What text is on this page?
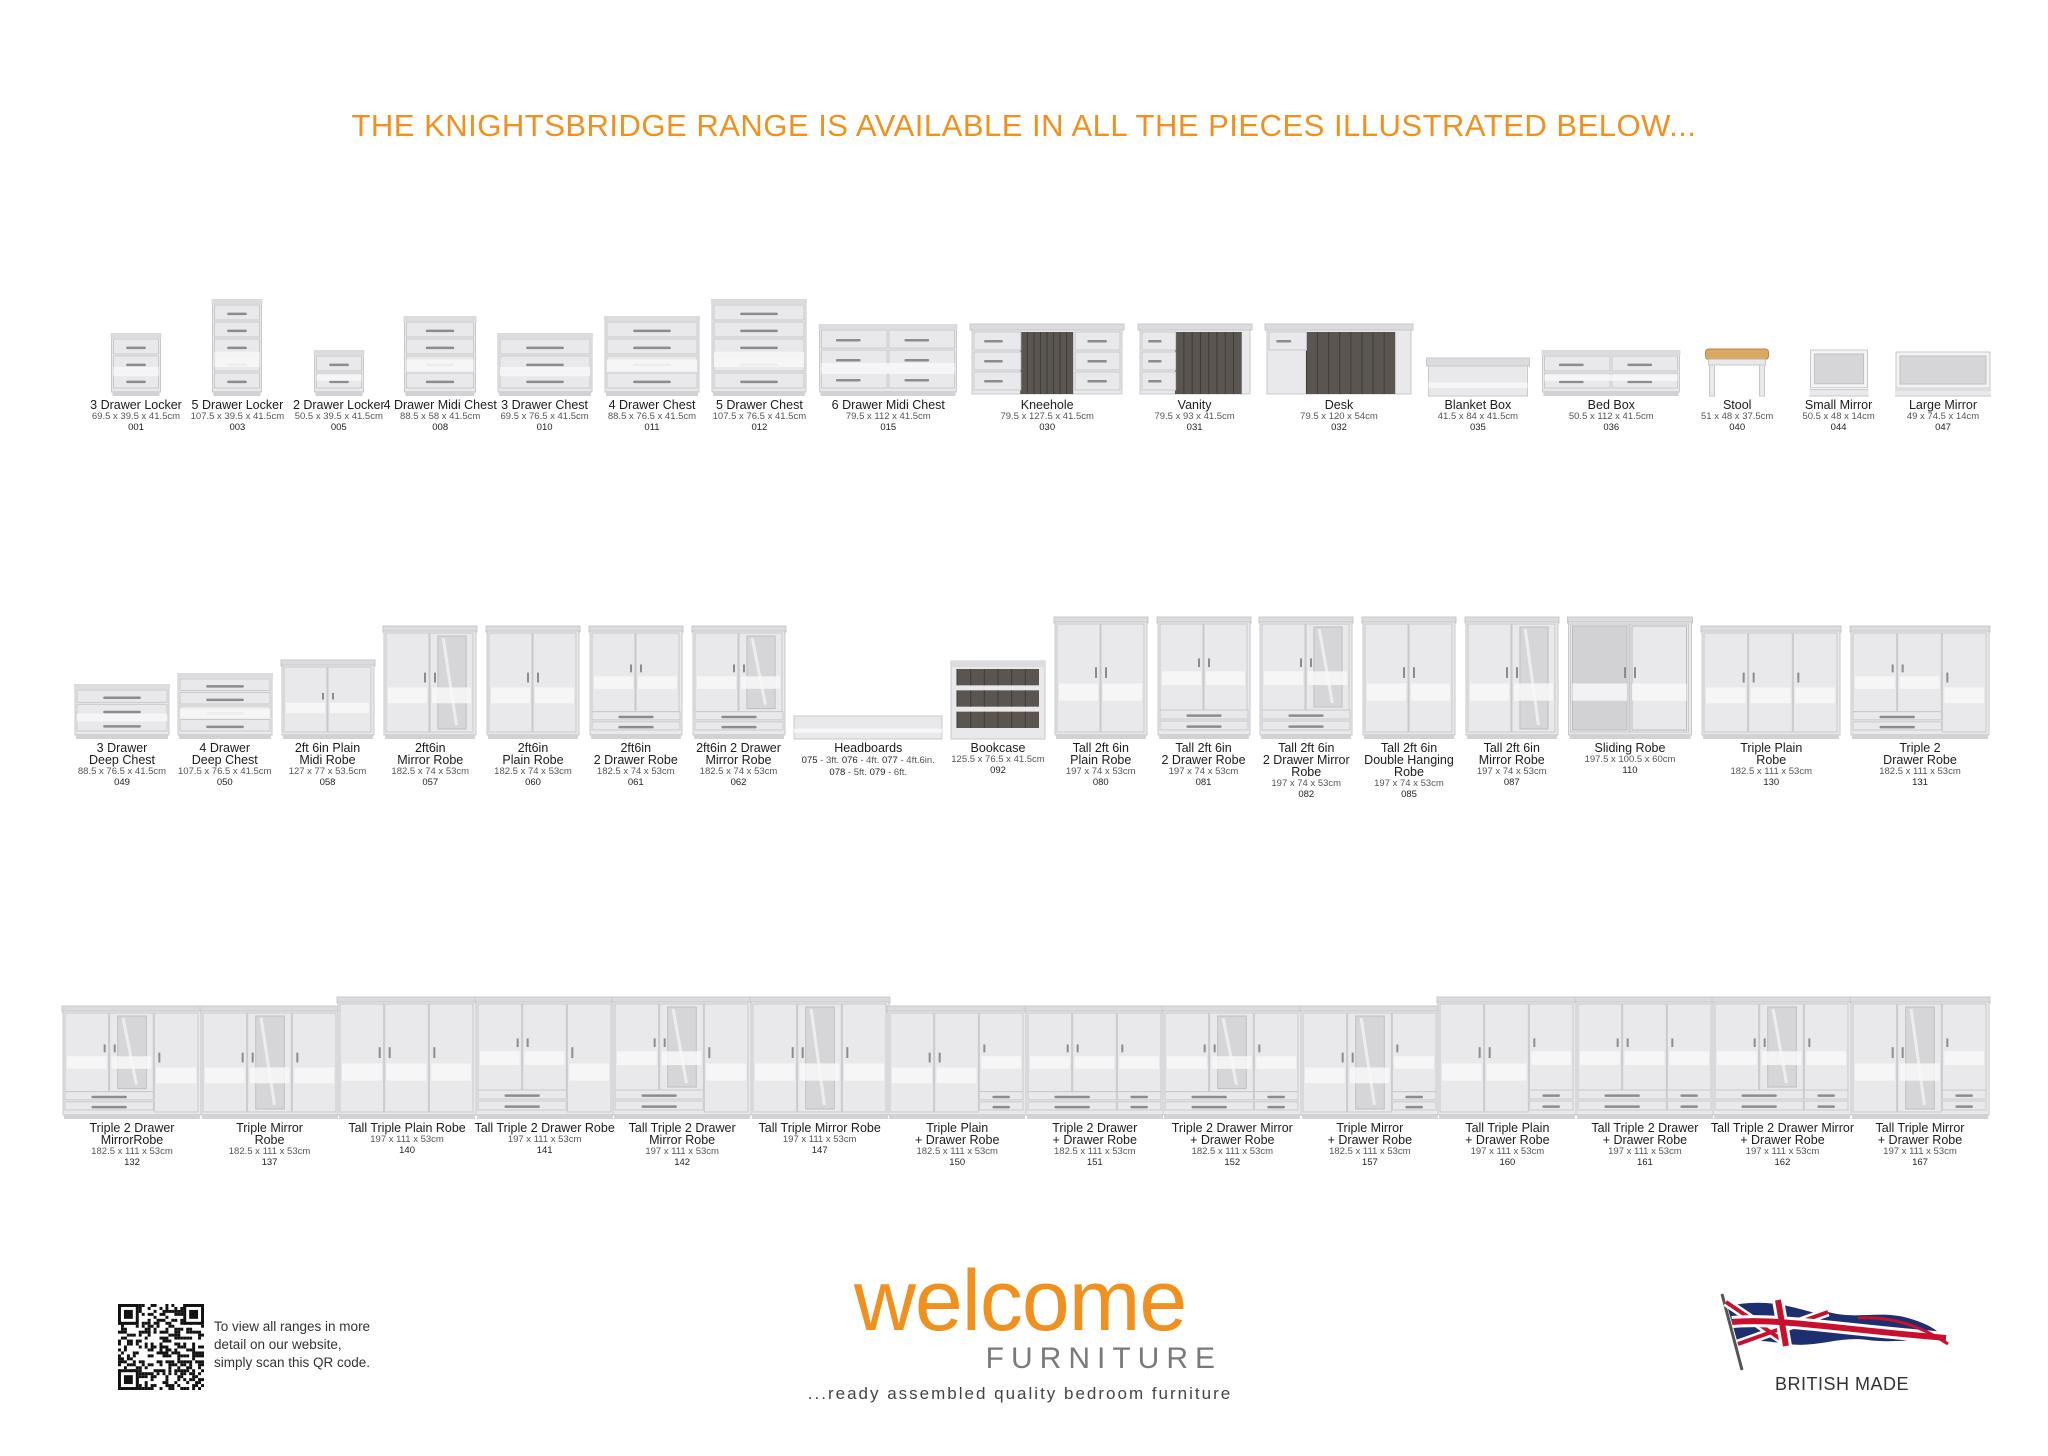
THE KNIGHTSBRIDGE RANGE IS AVAILABLE IN ALL THE PIECES ILLUSTRATED BELOW...
3 Drawer Locker
69.5 x 39.5 x 41.5cm
001
5 Drawer Locker
107.5 x 39.5 x 41.5cm
003
2 Drawer Locker
50.5 x 39.5 x 41.5cm
005
4 Drawer Midi Chest
88.5 x 58 x 41.5cm
008
3 Drawer Chest
69.5 x 76.5 x 41.5cm
010
4 Drawer Chest
88.5 x 76.5 x 41.5cm
011
5 Drawer Chest
107.5 x 76.5 x 41.5cm
012
6 Drawer Midi Chest
79.5 x 112 x 41.5cm
015
Kneehole
79.5 x 127.5 x 41.5cm
030
Vanity
79.5 x 93 x 41.5cm
031
Desk
79.5 x 120 x 54cm
032
Blanket Box
41.5 x 84 x 41.5cm
035
Bed Box
50.5 x 112 x 41.5cm
036
Stool
51 x 48 x 37.5cm
040
Small Mirror
50.5 x 48 x 14cm
044
Large Mirror
49 x 74.5 x 14cm
047
3 Drawer
Deep Chest
88.5 x 76.5 x 41.5cm
049
4 Drawer
Deep Chest
107.5 x 76.5 x 41.5cm
050
2ft 6in Plain
Midi Robe
127 x 77 x 53.5cm
058
2ft6in
Mirror Robe
182.5 x 74 x 53cm
057
2ft6in
Plain Robe
182.5 x 74 x 53cm
060
2ft6in
2 Drawer Robe
182.5 x 74 x 53cm
061
2ft6in 2 Drawer
Mirror Robe
182.5 x 74 x 53cm
062
Headboards
075 - 3ft. 076 - 4ft. 077 - 4ft.6in.
078 - 5ft. 079 - 6ft.
Bookcase
125.5 x 76.5 x 41.5cm
092
Tall 2ft 6in
Plain Robe
197 x 74 x 53cm
080
Tall 2ft 6in
2 Drawer Robe
197 x 74 x 53cm
081
Tall 2ft 6in
2 Drawer Mirror
Robe
197 x 74 x 53cm
082
Tall 2ft 6in
Double Hanging
Robe
197 x 74 x 53cm
085
Tall 2ft 6in
Mirror Robe
197 x 74 x 53cm
087
Sliding Robe
197.5 x 100.5 x 60cm
110
Triple Plain
Robe
182.5 x 111 x 53cm
130
Triple 2
Drawer Robe
182.5 x 111 x 53cm
131
Triple 2 Drawer
MirrorRobe
182.5 x 111 x 53cm
132
Triple Mirror
Robe
182.5 x 111 x 53cm
137
Tall Triple Plain Robe
197 x 111 x 53cm
140
Tall Triple 2 Drawer Robe
197 x 111 x 53cm
141
Tall Triple 2 Drawer
Mirror Robe
197 x 111 x 53cm
142
Tall Triple Mirror Robe
197 x 111 x 53cm
147
Triple Plain
+ Drawer Robe
182.5 x 111 x 53cm
150
Triple 2 Drawer
+ Drawer Robe
182.5 x 111 x 53cm
151
Triple 2 Drawer Mirror
+ Drawer Robe
182.5 x 111 x 53cm
152
Triple Mirror
+ Drawer Robe
182.5 x 111 x 53cm
157
Tall Triple Plain
+ Drawer Robe
197 x 111 x 53cm
160
Tall Triple 2 Drawer
+ Drawer Robe
197 x 111 x 53cm
161
Tall Triple 2 Drawer Mirror
+ Drawer Robe
197 x 111 x 53cm
162
Tall Triple Mirror
+ Drawer Robe
197 x 111 x 53cm
167
To view all ranges in more
detail on our website,
simply scan this QR code.
welcome
FURNITURE
...ready assembled quality bedroom furniture	BRITISH MADE
